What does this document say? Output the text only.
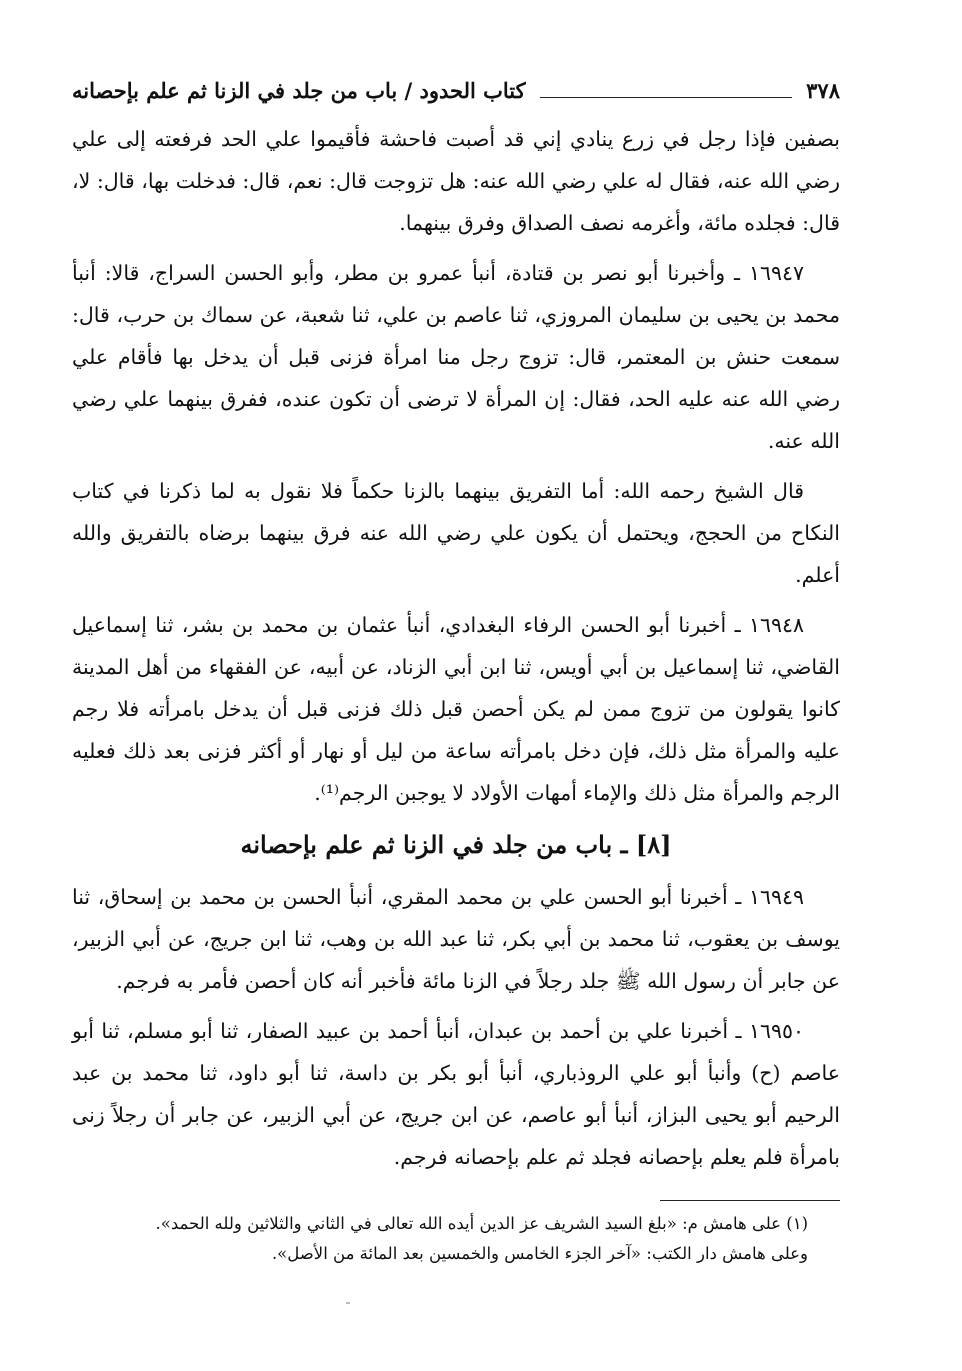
٣٧٨
كتاب الحدود / باب من جلد في الزنا ثم علم بإحصانه

بصفين فإذا رجل في زرع ينادي إني قد أصبت فاحشة فأقيموا علي الحد فرفعته إلى علي رضي الله عنه، فقال له علي رضي الله عنه: هل تزوجت قال: نعم، قال: فدخلت بها، قال: لا، قال: فجلده مائة، وأغرمه نصف الصداق وفرق بينهما.

١٦٩٤٧ ـ وأخبرنا أبو نصر بن قتادة، أنبأ عمرو بن مطر، وأبو الحسن السراج، قالا: أنبأ محمد بن يحيى بن سليمان المروزي، ثنا عاصم بن علي، ثنا شعبة، عن سماك بن حرب، قال: سمعت حنش بن المعتمر، قال: تزوج رجل منا امرأة فزنى قبل أن يدخل بها فأقام علي رضي الله عنه عليه الحد، فقال: إن المرأة لا ترضى أن تكون عنده، ففرق بينهما علي رضي الله عنه.

قال الشيخ رحمه الله: أما التفريق بينهما بالزنا حكماً فلا نقول به لما ذكرنا في كتاب النكاح من الحجج، ويحتمل أن يكون علي رضي الله عنه فرق بينهما برضاه بالتفريق والله أعلم.

١٦٩٤٨ ـ أخبرنا أبو الحسن الرفاء البغدادي، أنبأ عثمان بن محمد بن بشر، ثنا إسماعيل القاضي، ثنا إسماعيل بن أبي أويس، ثنا ابن أبي الزناد، عن أبيه، عن الفقهاء من أهل المدينة كانوا يقولون من تزوج ممن لم يكن أحصن قبل ذلك فزنى قبل أن يدخل بامرأته فلا رجم عليه والمرأة مثل ذلك، فإن دخل بامرأته ساعة من ليل أو نهار أو أكثر فزنى بعد ذلك فعليه الرجم والمرأة مثل ذلك والإماء أمهات الأولاد لا يوجبن الرجم⁽¹⁾.

[٨] ـ باب من جلد في الزنا ثم علم بإحصانه

١٦٩٤٩ ـ أخبرنا أبو الحسن علي بن محمد المقري، أنبأ الحسن بن محمد بن إسحاق، ثنا يوسف بن يعقوب، ثنا محمد بن أبي بكر، ثنا عبد الله بن وهب، ثنا ابن جريج، عن أبي الزبير، عن جابر أن رسول الله ﷺ جلد رجلاً في الزنا مائة فأخبر أنه كان أحصن فأمر به فرجم.

١٦٩٥٠ ـ أخبرنا علي بن أحمد بن عبدان، أنبأ أحمد بن عبيد الصفار، ثنا أبو مسلم، ثنا أبو عاصم (ح) وأنبأ أبو علي الروذباري، أنبأ أبو بكر بن داسة، ثنا أبو داود، ثنا محمد بن عبد الرحيم أبو يحيى البزاز، أنبأ أبو عاصم، عن ابن جريج، عن أبي الزبير، عن جابر أن رجلاً زنى بامرأة فلم يعلم بإحصانه فجلد ثم علم بإحصانه فرجم.

(١) على هامش م: «بلغ السيد الشريف عز الدين أيده الله تعالى في الثاني والثلاثين ولله الحمد».

وعلى هامش دار الكتب: «آخر الجزء الخامس والخمسين بعد المائة من الأصل».
